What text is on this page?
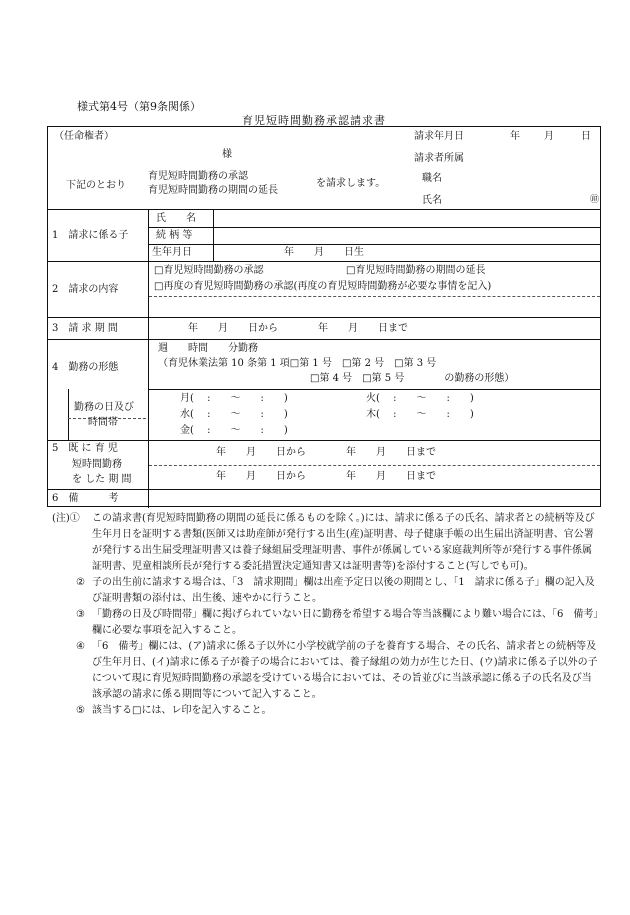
様式第4号（第9条関係）
育児短時間勤務承認請求書
（任命権者）
様
下記のとおり
育児短時間勤務の承認
育児短時間勤務の期間の延長
を請求します。
請求年月日	年 月	日
請求者所属
職名
氏名	㊞
1　請求に係る子
氏　　名
続 柄 等
生年月日	年　　月　　日生
2　請求の内容
□育児短時間勤務の承認	□育児短時間勤務の期間の延長
□再度の育児短時間勤務の承認(再度の育児短時間勤務が必要な事情を記入)
3　請 求 期 間	年　　月　　日から　　　　年　　月　　日まで
4　勤務の形態
週　　時間　　分勤務
（育児休業法第 10 条第 1 項□第 1 号　□第 2 号　□第 3 号
□第 4 号　□第 5 号　　　　の勤務の形態）
勤務の日及び
時間帯
月(　 :　　〜　　:　　)	火(　 :　　〜　　:　　)
水(　 :　　〜　　:　　)	木(　 :　　〜　　:　　)
金(　 :　　〜　　:　　)
5　既 に 育 児
短時間勤務
を した 期 間
年　　月　　日から　　　　年　　月　　日まで
年　　月　　日から　　　　年　　月　　日まで
6　備　　　考
(注)① この請求書(育児短時間勤務の期間の延長に係るものを除く。)には、請求に係る子の氏名、請求者との続柄等及び生年月日を証明する書類(医師又は助産師が発行する出生(産)証明書、母子健康手帳の出生届出済証明書、官公署が発行する出生届受理証明書又は養子縁組届受理証明書、事件が係属している家庭裁判所等が発行する事件係属証明書、児童相談所長が発行する委託措置決定通知書又は証明書等)を添付すること(写しでも可)。
② 子の出生前に請求する場合は、「3　請求期間」欄は出産予定日以後の期間とし、「1　請求に係る子」欄の記入及び証明書類の添付は、出生後、速やかに行うこと。
③ 「勤務の日及び時間帯」欄に掲げられていない日に勤務を希望する場合等当該欄により難い場合には、「6　備考」欄に必要な事項を記入すること。
④ 「6　備考」欄には、(ア)請求に係る子以外に小学校就学前の子を養育する場合、その氏名、請求者との続柄等及び生年月日、(イ)請求に係る子が養子の場合においては、養子縁組の効力が生じた日、(ウ)請求に係る子以外の子について現に育児短時間勤務の承認を受けている場合においては、その旨並びに当該承認に係る子の氏名及び当該承認の請求に係る期間等について記入すること。
⑤ 該当する□には、レ印を記入すること。
